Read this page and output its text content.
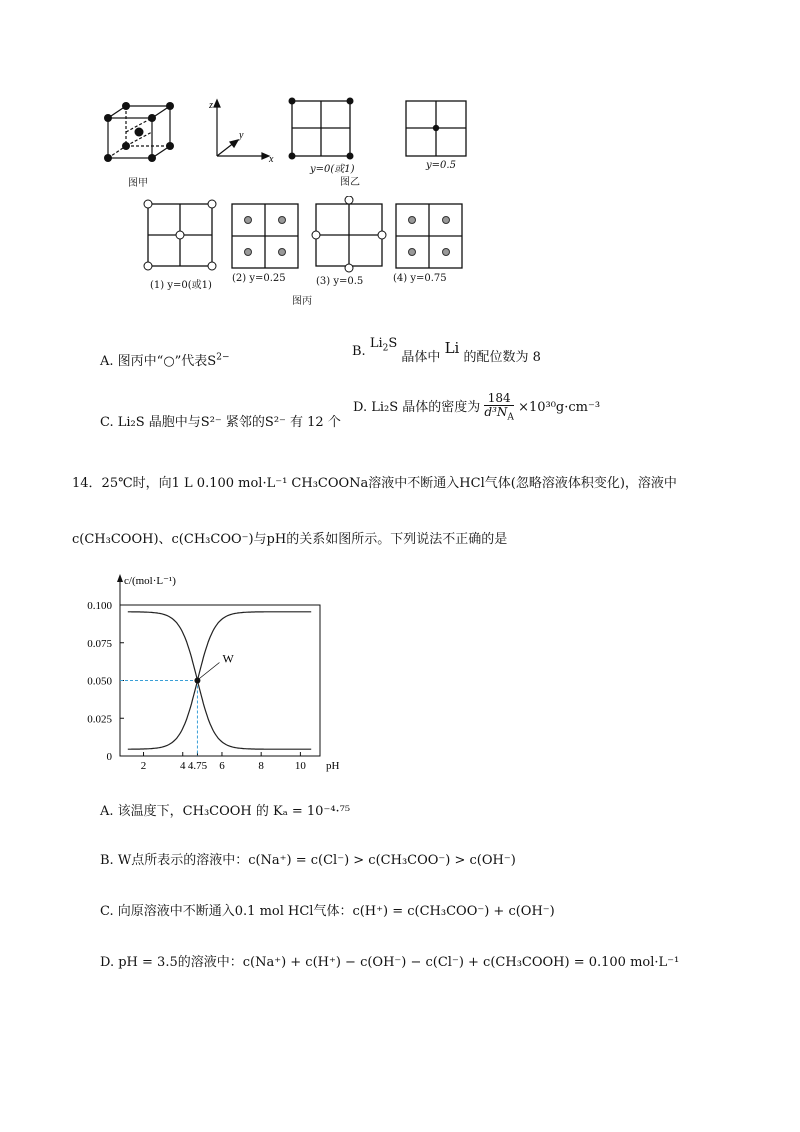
图甲
z
y
x
y=0(或1)
图乙
y=0.5
(1) y=0(或1)
(2) y=0.25	(3) y=0.5	(4) y=0.75
图丙
A. 图丙中“○”代表$S^{2-}$	B. $Li_2S$ 晶体中 Li 的配位数为 8
C. Li₂S 晶胞中与S²⁻ 紧邻的S²⁻ 有 12 个
D. Li₂S 晶体的密度为 $\frac{184}{d^3N_A} \times 10^{30}g\cdot cm^{-3}$
14．25℃时，向1 L 0.100 mol·L⁻¹ CH₃COONa溶液中不断通入HCl气体(忽略溶液体积变化)，溶液中
c(CH₃COOH)、c(CH₃COO⁻)与pH的关系如图所示。下列说法不正确的是
c/(mol·L⁻¹)
pH
0.100
0.075
0.050
0.025
0
2	4 4.75 6	8	10
W
A. 该温度下，CH₃COOH 的 Kₐ = 10⁻⁴·⁷⁵
B. W点所表示的溶液中：c(Na⁺) = c(Cl⁻) > c(CH₃COO⁻) > c(OH⁻)
C. 向原溶液中不断通入0.1 mol HCl气体：c(H⁺) = c(CH₃COO⁻) + c(OH⁻)
D. pH = 3.5的溶液中：c(Na⁺) + c(H⁺) − c(OH⁻) − c(Cl⁻) + c(CH₃COOH) = 0.100 mol·L⁻¹
